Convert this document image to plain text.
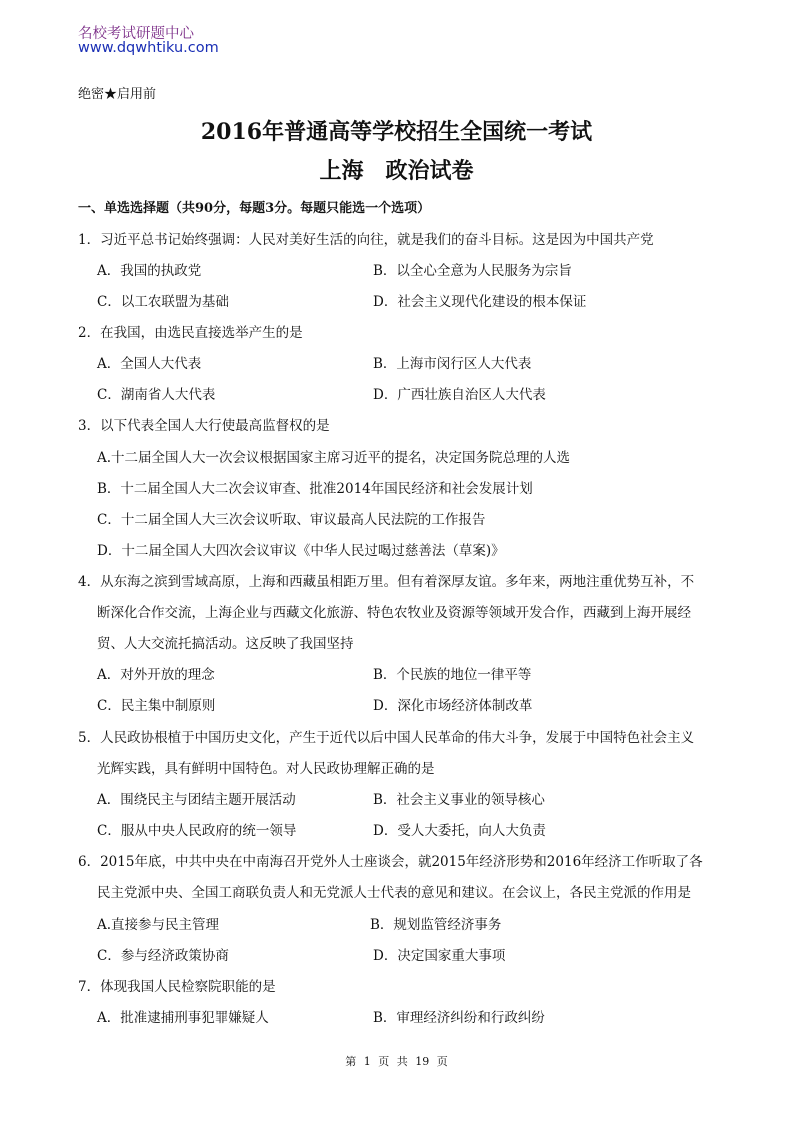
名校考试研题中心
www.dqwhtiku.com
绝密★启用前
2016年普通高等学校招生全国统一考试
上海　政治试卷
一、单选选择题（共90分，每题3分。每题只能选一个选项）
1．习近平总书记始终强调：人民对美好生活的向往，就是我们的奋斗目标。这是因为中国共产党
A．我国的执政党	B．以全心全意为人民服务为宗旨
C．以工农联盟为基础	D．社会主义现代化建设的根本保证
2．在我国，由选民直接选举产生的是
A．全国人大代表	B．上海市闵行区人大代表
C．湖南省人大代表	D．广西壮族自治区人大代表
3．以下代表全国人大行使最高监督权的是
A.十二届全国人大一次会议根据国家主席习近平的提名，决定国务院总理的人选
B．十二届全国人大二次会议审查、批准2014年国民经济和社会发展计划
C．十二届全国人大三次会议听取、审议最高人民法院的工作报告
D．十二届全国人大四次会议审议《中华人民过喝过慈善法（草案)》
4．从东海之滨到雪域高原，上海和西藏虽相距万里。但有着深厚友谊。多年来，两地注重优势互补，不
断深化合作交流，上海企业与西藏文化旅游、特色农牧业及资源等领域开发合作，西藏到上海开展经
贸、人大交流托搞活动。这反映了我国坚持
A．对外开放的理念	B．个民族的地位一律平等
C．民主集中制原则	D．深化市场经济体制改革
5．人民政协根植于中国历史文化，产生于近代以后中国人民革命的伟大斗争，发展于中国特色社会主义
光辉实践，具有鲜明中国特色。对人民政协理解正确的是
A．围绕民主与团结主题开展活动	B．社会主义事业的领导核心
C．服从中央人民政府的统一领导	D．受人大委托，向人大负责
6．2015年底，中共中央在中南海召开党外人士座谈会，就2015年经济形势和2016年经济工作听取了各
民主党派中央、全国工商联负责人和无党派人士代表的意见和建议。在会议上，各民主党派的作用是
A.直接参与民主管理	B．规划监管经济事务
C．参与经济政策协商	D．决定国家重大事项
7．体现我国人民检察院职能的是
A．批准逮捕刑事犯罪嫌疑人	B．审理经济纠纷和行政纠纷
第 1 页 共 19 页
